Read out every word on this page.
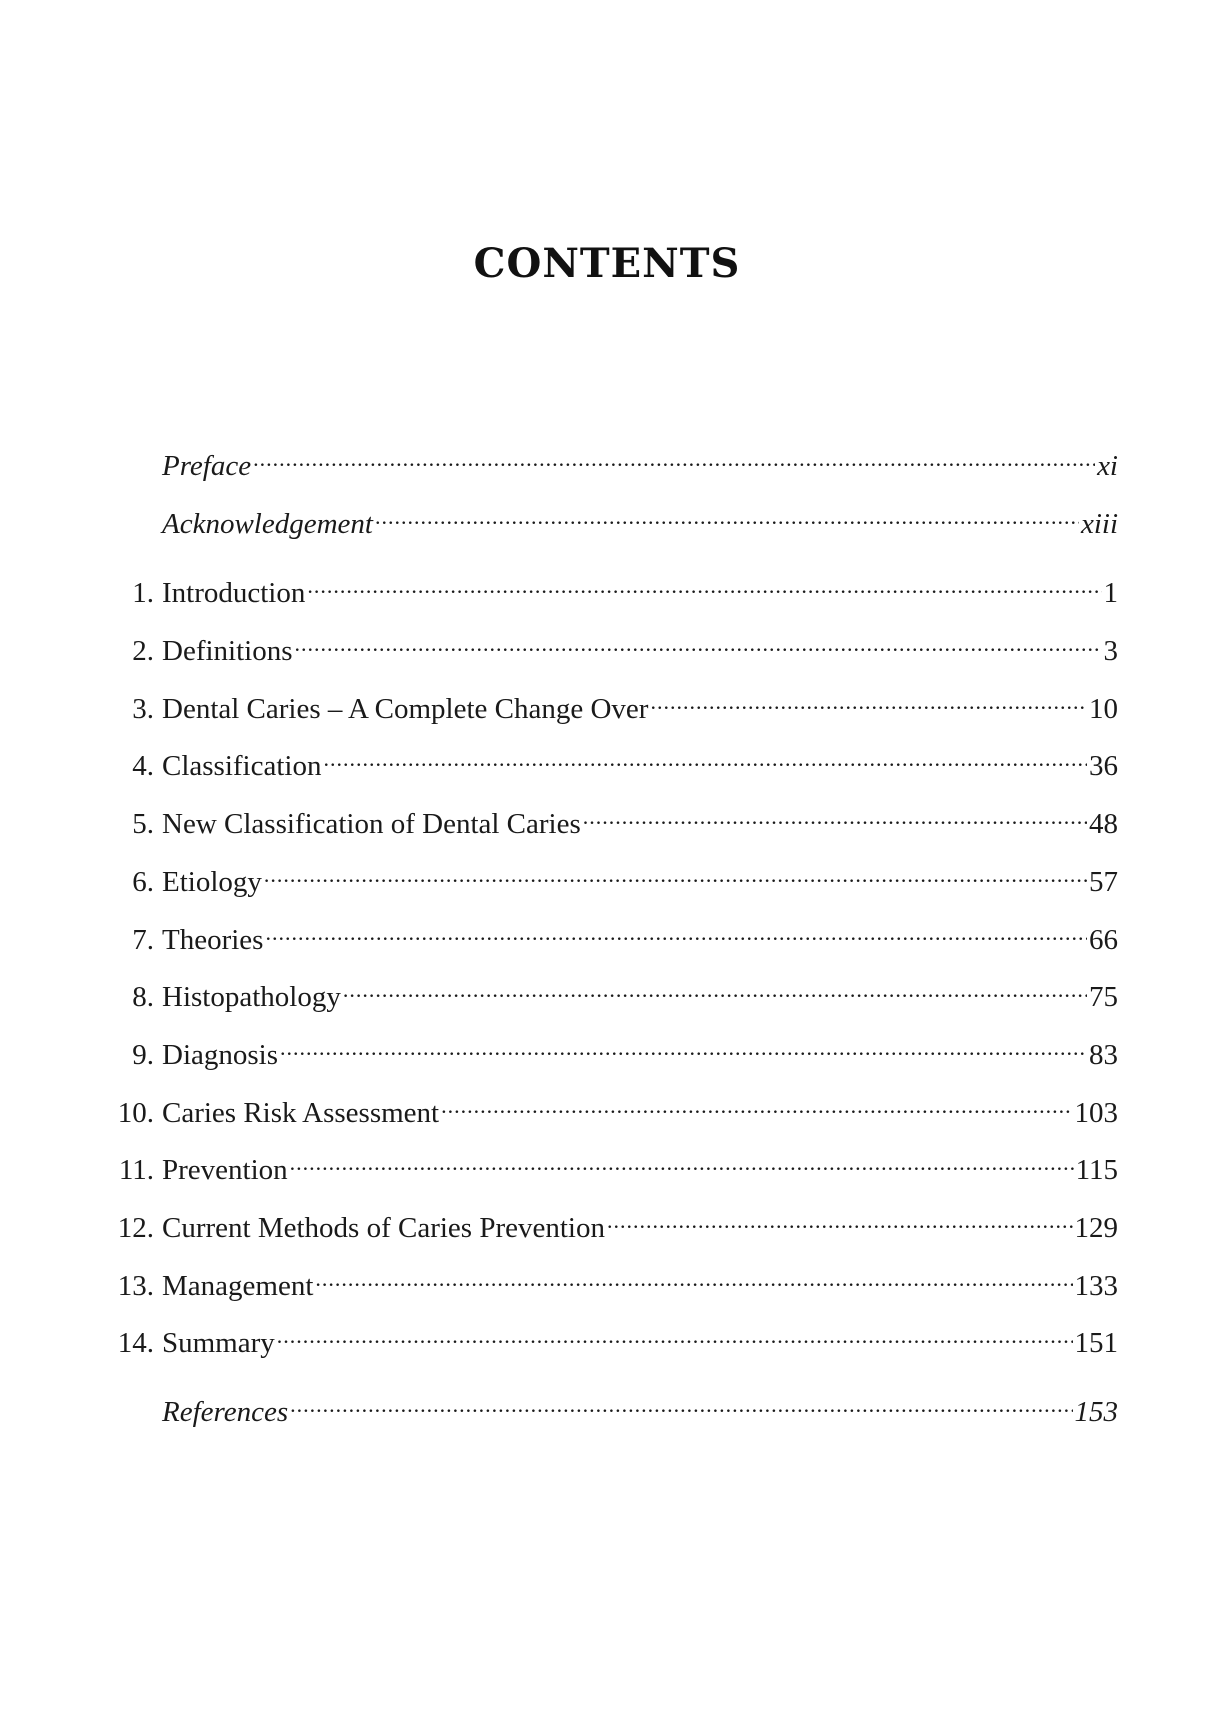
CONTENTS
Preface .....	xi
Acknowledgement .....	xiii
1. Introduction .....	1
2. Definitions .....	3
3. Dental Caries – A Complete Change Over .....	10
4. Classification .....	36
5. New Classification of Dental Caries .....	48
6. Etiology .....	57
7. Theories .....	66
8. Histopathology .....	75
9. Diagnosis .....	83
10. Caries Risk Assessment .....	103
11. Prevention .....	115
12. Current Methods of Caries Prevention .....	129
13. Management .....	133
14. Summary .....	151
References .....	153
